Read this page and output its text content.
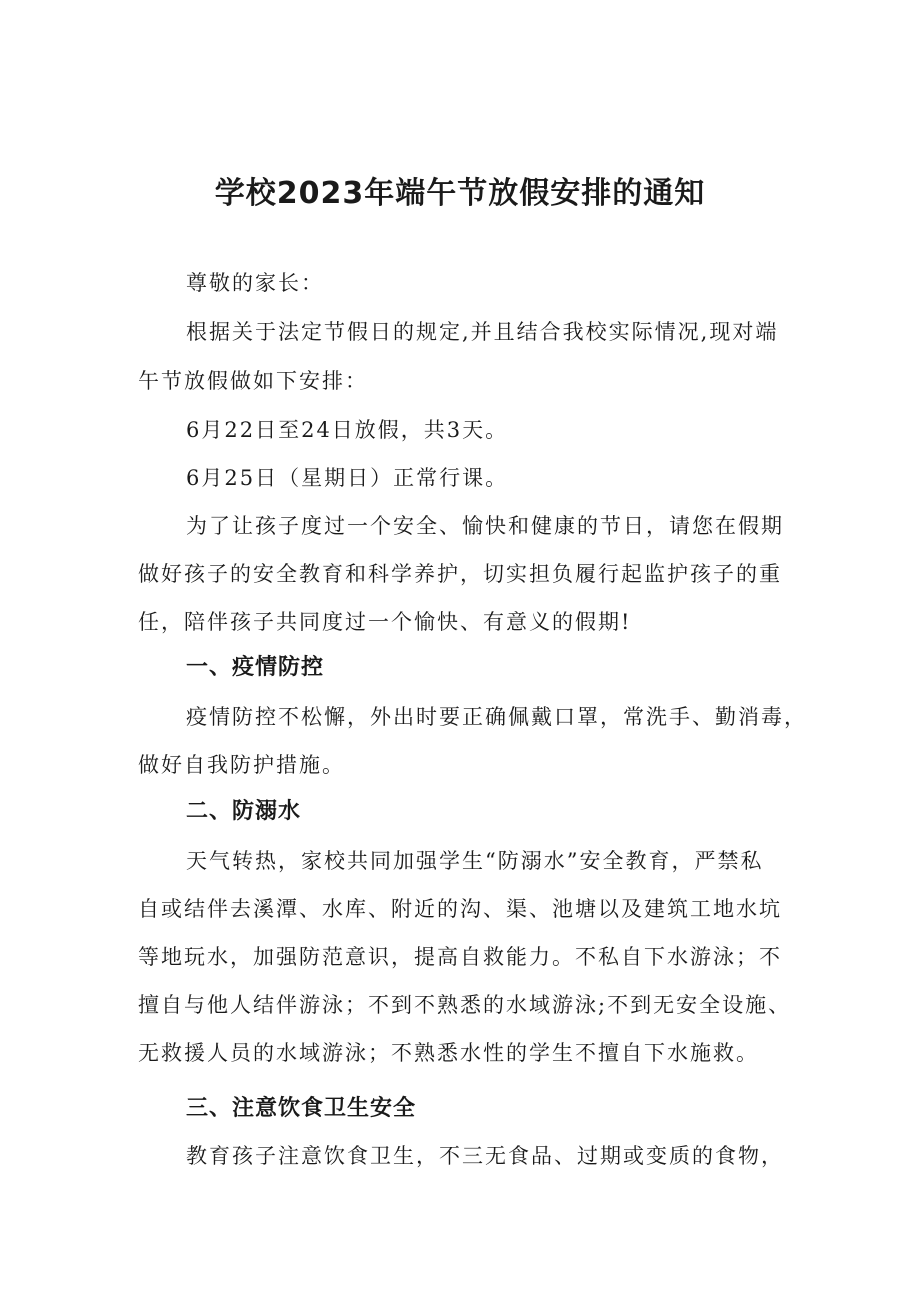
学校2023年端午节放假安排的通知
尊敬的家长：
根据关于法定节假日的规定,并且结合我校实际情况,现对端
午节放假做如下安排：
6月22日至24日放假，共3天。
6月25日（星期日）正常行课。
为了让孩子度过一个安全、愉快和健康的节日，请您在假期
做好孩子的安全教育和科学养护，切实担负履行起监护孩子的重
任，陪伴孩子共同度过一个愉快、有意义的假期!
一、疫情防控
疫情防控不松懈，外出时要正确佩戴口罩，常洗手、勤消毒，
做好自我防护措施。
二、防溺水
天气转热，家校共同加强学生“防溺水”安全教育，严禁私
自或结伴去溪潭、水库、附近的沟、渠、池塘以及建筑工地水坑
等地玩水，加强防范意识，提高自救能力。不私自下水游泳；不
擅自与他人结伴游泳；不到不熟悉的水域游泳;不到无安全设施、
无救援人员的水域游泳；不熟悉水性的学生不擅自下水施救。
三、注意饮食卫生安全
教育孩子注意饮食卫生，不三无食品、过期或变质的食物，
